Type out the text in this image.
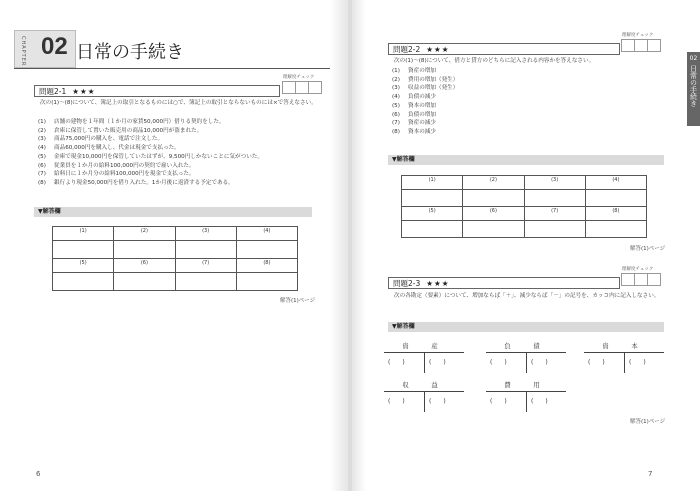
CHAPTER 02 日常の手続き
理解度チェック
問題2-1 ★★★
次の(1)〜(8)について、簿記上の取引となるものには○で、簿記上の取引とならないものには×で答えなさい。
(1) 店舗の建物を１年間（１か月の家賃50,000円）借りる契約をした。
(2) 倉庫に保管して置いた販売用の商品10,000円が盗まれた。
(3) 商品75,000円の購入を、電話で注文した。
(4) 商品60,000円を購入し、代金は現金で支払った。
(5) 金庫で現金10,000円を保管していたはずが、9,500円しかないことに気がついた。
(6) 従業員を１か月の給料100,000円の契約で雇い入れた。
(7) 給料日に１か月分の給料100,000円を現金で支払った。
(8) 銀行より現金50,000円を借り入れた。1か月後に返済する予定である。
▼解答欄
(1)	(2)	(3)	(4)

(5)	(6)	(7)	(8)

解答(1)ページ
6
02
日常の手続き
理解度チェック
問題2-2 ★★★
次の(1)〜(8)について、借方と貸方のどちらに記入される内容かを答えなさい。
(1) 資産の増加
(2) 費用の増加（発生）
(3) 収益の増加（発生）
(4) 負債の減少
(5) 資本の増加
(6) 負債の増加
(7) 資産の減少
(8) 資本の減少
▼解答欄
(1)	(2)	(3)	(4)

(5)	(6)	(7)	(8)

解答(1)ページ
理解度チェック
問題2-3 ★★★
次の各勘定（要素）について、増加ならば「＋」、減少ならば「－」の記号を、カッコ内に記入しなさい。
▼解答欄
資　産
(　　)	(　　)
負　債
(　　)	(　　)
資　本
(　　)	(　　)
収　益
(　　)	(　　)
費　用
(　　)	(　　)
解答(1)ページ
7
